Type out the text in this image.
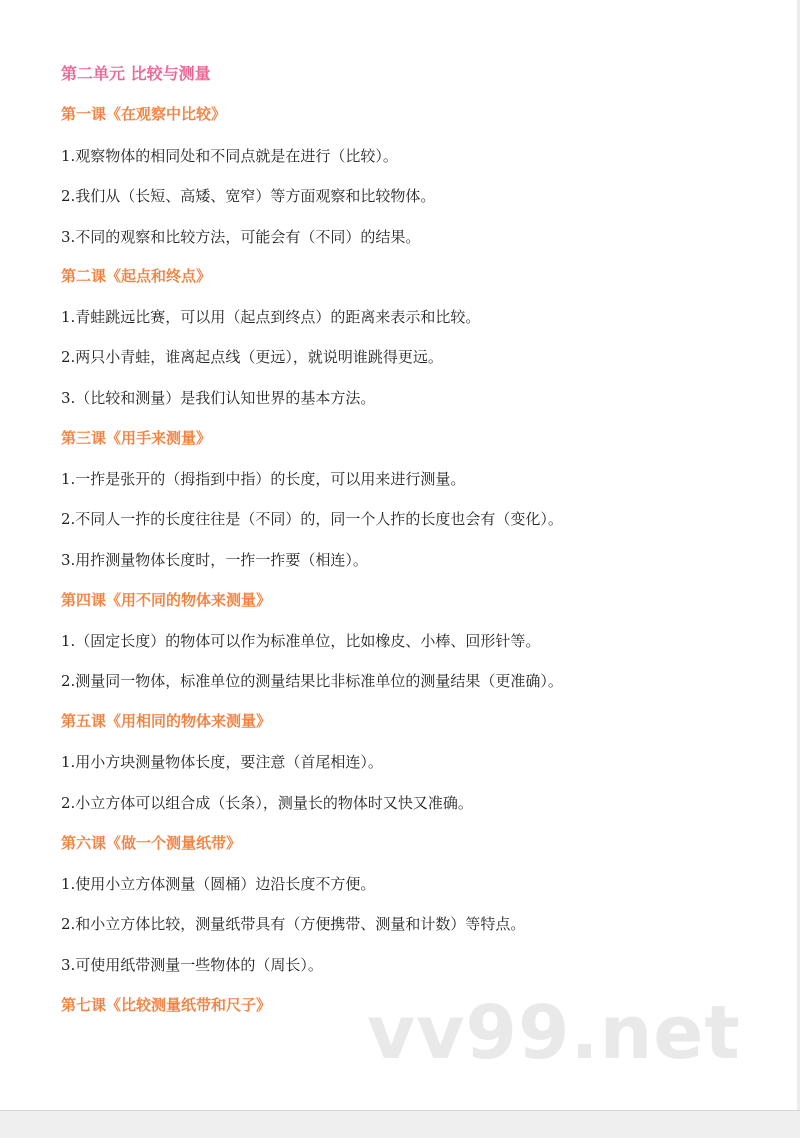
第二单元 比较与测量
第一课《在观察中比较》
1.观察物体的相同处和不同点就是在进行（比较）。
2.我们从（长短、高矮、宽窄）等方面观察和比较物体。
3.不同的观察和比较方法，可能会有（不同）的结果。
第二课《起点和终点》
1.青蛙跳远比赛，可以用（起点到终点）的距离来表示和比较。
2.两只小青蛙，谁离起点线（更远），就说明谁跳得更远。
3.（比较和测量）是我们认知世界的基本方法。
第三课《用手来测量》
1.一拃是张开的（拇指到中指）的长度，可以用来进行测量。
2.不同人一拃的长度往往是（不同）的，同一个人拃的长度也会有（变化）。
3.用拃测量物体长度时，一拃一拃要（相连）。
第四课《用不同的物体来测量》
1.（固定长度）的物体可以作为标准单位，比如橡皮、小棒、回形针等。
2.测量同一物体，标准单位的测量结果比非标准单位的测量结果（更准确）。
第五课《用相同的物体来测量》
1.用小方块测量物体长度，要注意（首尾相连）。
2.小立方体可以组合成（长条），测量长的物体时又快又准确。
第六课《做一个测量纸带》
1.使用小立方体测量（圆桶）边沿长度不方便。
2.和小立方体比较，测量纸带具有（方便携带、测量和计数）等特点。
3.可使用纸带测量一些物体的（周长）。
第七课《比较测量纸带和尺子》 vv99.net
